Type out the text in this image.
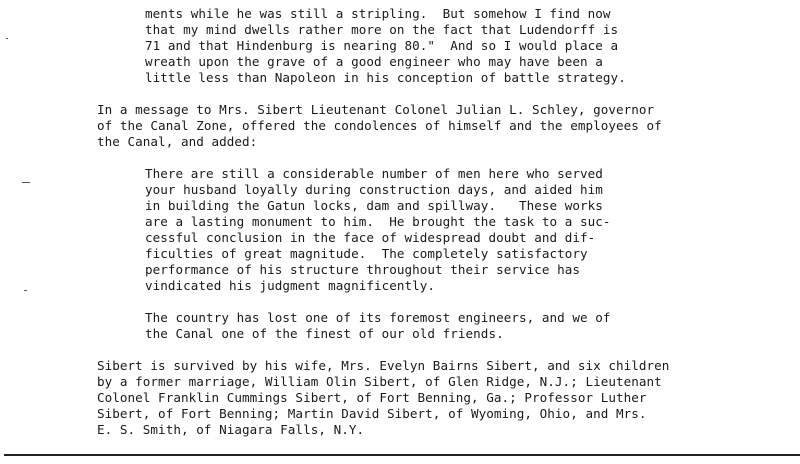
ments while he was still a stripling.  But somehow I find now
that my mind dwells rather more on the fact that Ludendorff is
71 and that Hindenburg is nearing 80."  And so I would place a
wreath upon the grave of a good engineer who may have been a
little less than Napoleon in his conception of battle strategy.
In a message to Mrs. Sibert Lieutenant Colonel Julian L. Schley, governor
of the Canal Zone, offered the condolences of himself and the employees of
the Canal, and added:
There are still a considerable number of men here who served
your husband loyally during construction days, and aided him
in building the Gatun locks, dam and spillway.   These works
are a lasting monument to him.  He brought the task to a suc-
cessful conclusion in the face of widespread doubt and dif-
ficulties of great magnitude.  The completely satisfactory
performance of his structure throughout their service has
vindicated his judgment magnificently.
The country has lost one of its foremost engineers, and we of
the Canal one of the finest of our old friends.
Sibert is survived by his wife, Mrs. Evelyn Bairns Sibert, and six children
by a former marriage, William Olin Sibert, of Glen Ridge, N.J.; Lieutenant
Colonel Franklin Cummings Sibert, of Fort Benning, Ga.; Professor Luther
Sibert, of Fort Benning; Martin David Sibert, of Wyoming, Ohio, and Mrs.
E. S. Smith, of Niagara Falls, N.Y.
